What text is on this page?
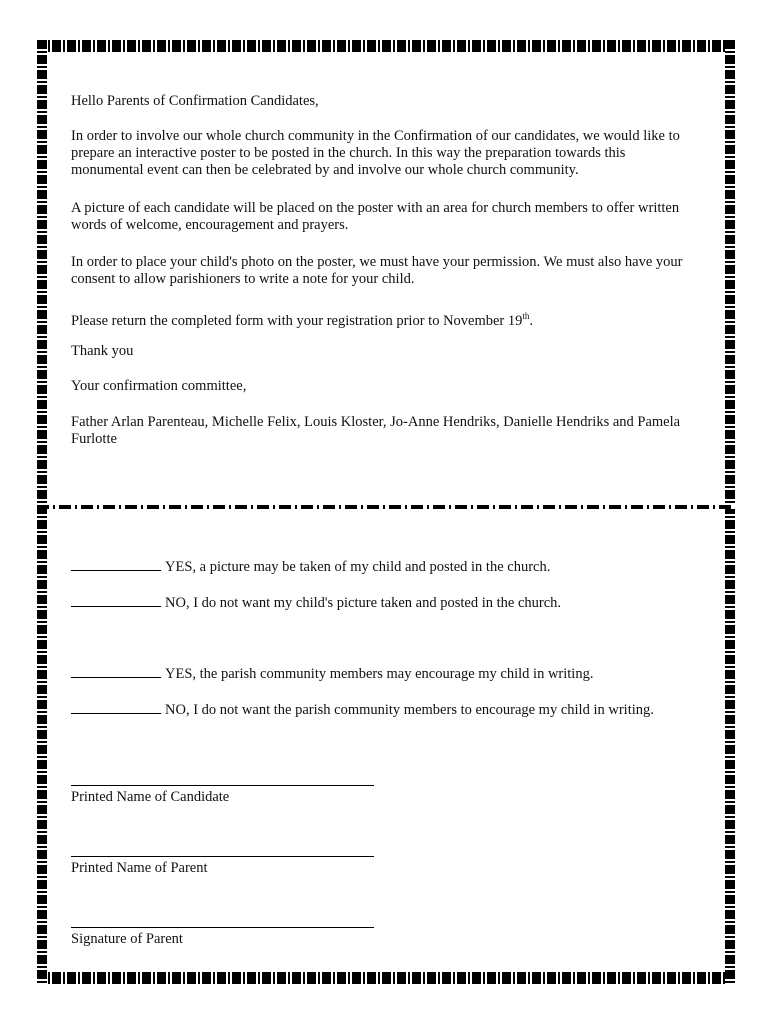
Hello Parents of Confirmation Candidates,

In order to involve our whole church community in the Confirmation of our candidates, we would like to prepare an interactive poster to be posted in the church. In this way the preparation towards this monumental event can then be celebrated by and involve our whole church community.

A picture of each candidate will be placed on the poster with an area for church members to offer written words of welcome, encouragement and prayers.

In order to place your child's photo on the poster, we must have your permission. We must also have your consent to allow parishioners to write a note for your child.

Please return the completed form with your registration prior to November 19th.

Thank you

Your confirmation committee,

Father Arlan Parenteau, Michelle Felix, Louis Kloster, Jo-Anne Hendriks, Danielle Hendriks and Pamela Furlotte

YES, a picture may be taken of my child and posted in the church.
NO, I do not want my child's picture taken and posted in the church.
YES, the parish community members may encourage my child in writing.
NO, I do not want the parish community members to encourage my child in writing.
Printed Name of Candidate
Printed Name of Parent
Signature of Parent
